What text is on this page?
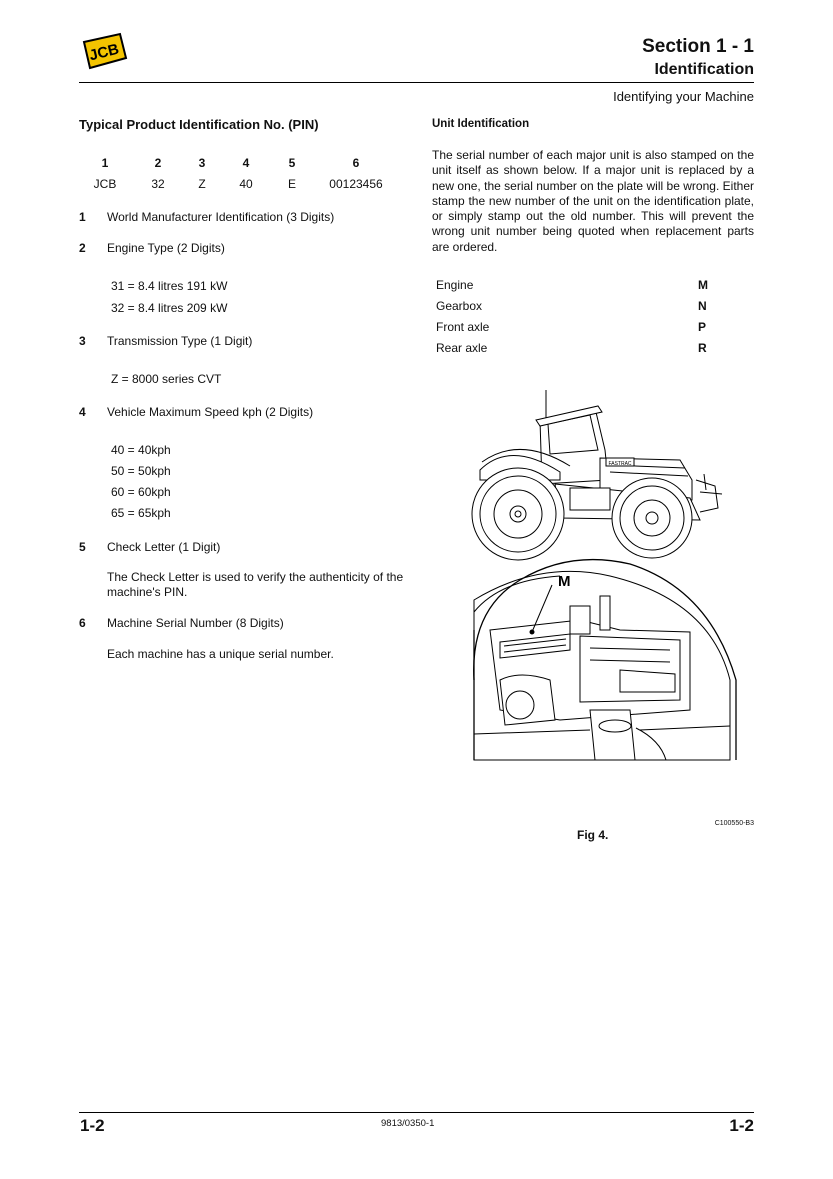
JCB	Section 1 - 1
Identification
Identifying your Machine
Typical Product Identification No. (PIN)
1	2	3	4	5	6
JCB	32	Z	40	E	00123456
1 World Manufacturer Identification (3 Digits)
2 Engine Type (2 Digits)
31 = 8.4 litres 191 kW
32 = 8.4 litres 209 kW
3 Transmission Type (1 Digit)
Z = 8000 series CVT
4 Vehicle Maximum Speed kph (2 Digits)
40 = 40kph
50 = 50kph
60 = 60kph
65 = 65kph
5 Check Letter (1 Digit)
The Check Letter is used to verify the authenticity of the machine's PIN.
6 Machine Serial Number (8 Digits)
Each machine has a unique serial number.
Unit Identification
The serial number of each major unit is also stamped on the unit itself as shown below. If a major unit is replaced by a new one, the serial number on the plate will be wrong. Either stamp the new number of the unit on the identification plate, or simply stamp out the old number. This will prevent the wrong unit number being quoted when replacement parts are ordered.
Engine	M
Gearbox	N
Front axle	P
Rear axle	R
FASTRAC
M
C100550-B3
Fig 4.
1-2	9813/0350-1	1-2
